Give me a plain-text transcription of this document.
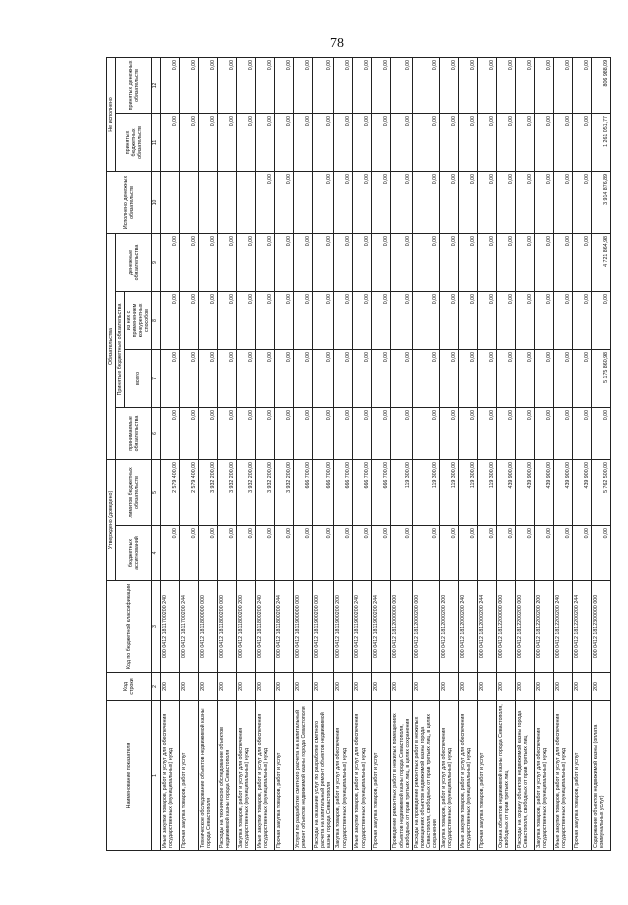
78
Наименование показателя	Код строки	Код по бюджетной классификации	Утверждено (доведено)		Обязательства				Исполнено денежных обязательств	Не исполнено	
			бюджетных ассигнований	лимитов бюджетных обязательств	принимаемые обязательства	Принятые бюджетные обязательства		денежные обязательства		принятых бюджетных обязательств	принятых денежных обязательств
						всего	из них с применением конкурентных способов				
1	2	3	4	5	6	7	8	9	10	11	12
Иные закупки товаров, работ и услуг для обеспечения государственных (муниципальных) нужд	200	000 0412 1811700200 240	0,00	2 579 400,00	0,00	0,00	0,00	0,00		0,00	0,00
Прочая закупка товаров, работ и услуг	200	000 0412 1811700200 244	0,00	2 579 400,00	0,00	0,00	0,00	0,00		0,00	0,00
Техническое обследование объектов недвижимой казны города Севастополя	200	000 0412 1811800000 000	0,00	3 932 200,00	0,00	0,00	0,00	0,00		0,00	0,00
Расходы на техническое обследование объектов недвижимой казны города Севастополя	200	000 0412 1811800200 000	0,00	3 932 200,00	0,00	0,00	0,00	0,00		0,00	0,00
Закупка товаров, работ и услуг для обеспечения государственных (муниципальных) нужд	200	000 0412 1811800200 200	0,00	3 932 200,00	0,00	0,00	0,00	0,00		0,00	0,00
Иные закупки товаров, работ и услуг для обеспечения государственных (муниципальных) нужд	200	000 0412 1811800200 240	0,00	3 932 200,00	0,00	0,00	0,00	0,00	0,00	0,00	0,00
Прочая закупка товаров, работ и услуг	200	000 0412 1811800200 244	0,00	3 932 200,00	0,00	0,00	0,00	0,00	0,00	0,00	0,00
Услуги по разработке сметного расчета на капитальный ремонт объектов недвижимой казны города Севастополя	200	000 0412 1811900000 000	0,00	666 700,00	0,00	0,00	0,00	0,00		0,00	0,00
Расходы на оказание услуг по разработке сметного расчета на капитальный ремонт объектов недвижимой казны города Севастополя	200	000 0412 1811900200 000	0,00	666 700,00	0,00	0,00	0,00	0,00	0,00	0,00	0,00
Закупка товаров, работ и услуг для обеспечения государственных (муниципальных) нужд	200	000 0412 1811900200 200	0,00	666 700,00	0,00	0,00	0,00	0,00	0,00	0,00	0,00
Иные закупки товаров, работ и услуг для обеспечения государственных (муниципальных) нужд	200	000 0412 1811900200 240	0,00	666 700,00	0,00	0,00	0,00	0,00	0,00	0,00	0,00
Прочая закупка товаров, работ и услуг	200	000 0412 1811900200 244	0,00	666 700,00	0,00	0,00	0,00	0,00	0,00	0,00	0,00
Проведение ремонтных работ в нежилых помещениях объектов недвижимой казны города Севастополя, свободных от прав третьих лиц, в целях сохранения	200	000 0412 1812000000 000	0,00	119 300,00	0,00	0,00	0,00	0,00	0,00	0,00	0,00
Расходы на проведение ремонтных работ в нежилых помещениях объектов недвижимой казны города Севастополя, свободных от прав третьих лиц, в целях сохранения	200	000 0412 1812000200 000	0,00	119 300,00	0,00	0,00	0,00	0,00	0,00	0,00	0,00
Закупка товаров, работ и услуг для обеспечения государственных (муниципальных) нужд	200	000 0412 1812000200 200	0,00	119 300,00	0,00	0,00	0,00	0,00	0,00	0,00	0,00
Иные закупки товаров, работ и услуг для обеспечения государственных (муниципальных) нужд	200	000 0412 1812000200 240	0,00	119 300,00	0,00	0,00	0,00	0,00	0,00	0,00	0,00
Прочая закупка товаров, работ и услуг	200	000 0412 1812000200 244	0,00	119 300,00	0,00	0,00	0,00	0,00	0,00	0,00	0,00
Охрана объектов недвижимой казны города Севастополя, свободных от прав третьих лиц	200	000 0412 1812200000 000	0,00	439 900,00	0,00	0,00	0,00	0,00	0,00	0,00	0,00
Расходы на охрану объектов недвижимой казны города Севастополя, свободных от прав третьих лиц	200	000 0412 1812200200 000	0,00	439 900,00	0,00	0,00	0,00	0,00	0,00	0,00	0,00
Закупка товаров, работ и услуг для обеспечения государственных (муниципальных) нужд	200	000 0412 1812200200 200	0,00	439 900,00	0,00	0,00	0,00	0,00	0,00	0,00	0,00
Иные закупки товаров, работ и услуг для обеспечения государственных (муниципальных) нужд	200	000 0412 1812200200 240	0,00	439 900,00	0,00	0,00	0,00	0,00	0,00	0,00	0,00
Прочая закупка товаров, работ и услуг	200	000 0412 1812200200 244	0,00	439 900,00	0,00	0,00	0,00	0,00	0,00	0,00	0,00
Содержание объектов недвижимой казны (оплата коммунальных услуг)	200	000 0412 1812300000 000	0,00	5 762 500,00	0,00	5 175 860,98	0,00	4 721 864,98	3 914 876,89	1 261 051,77	806 988,09
